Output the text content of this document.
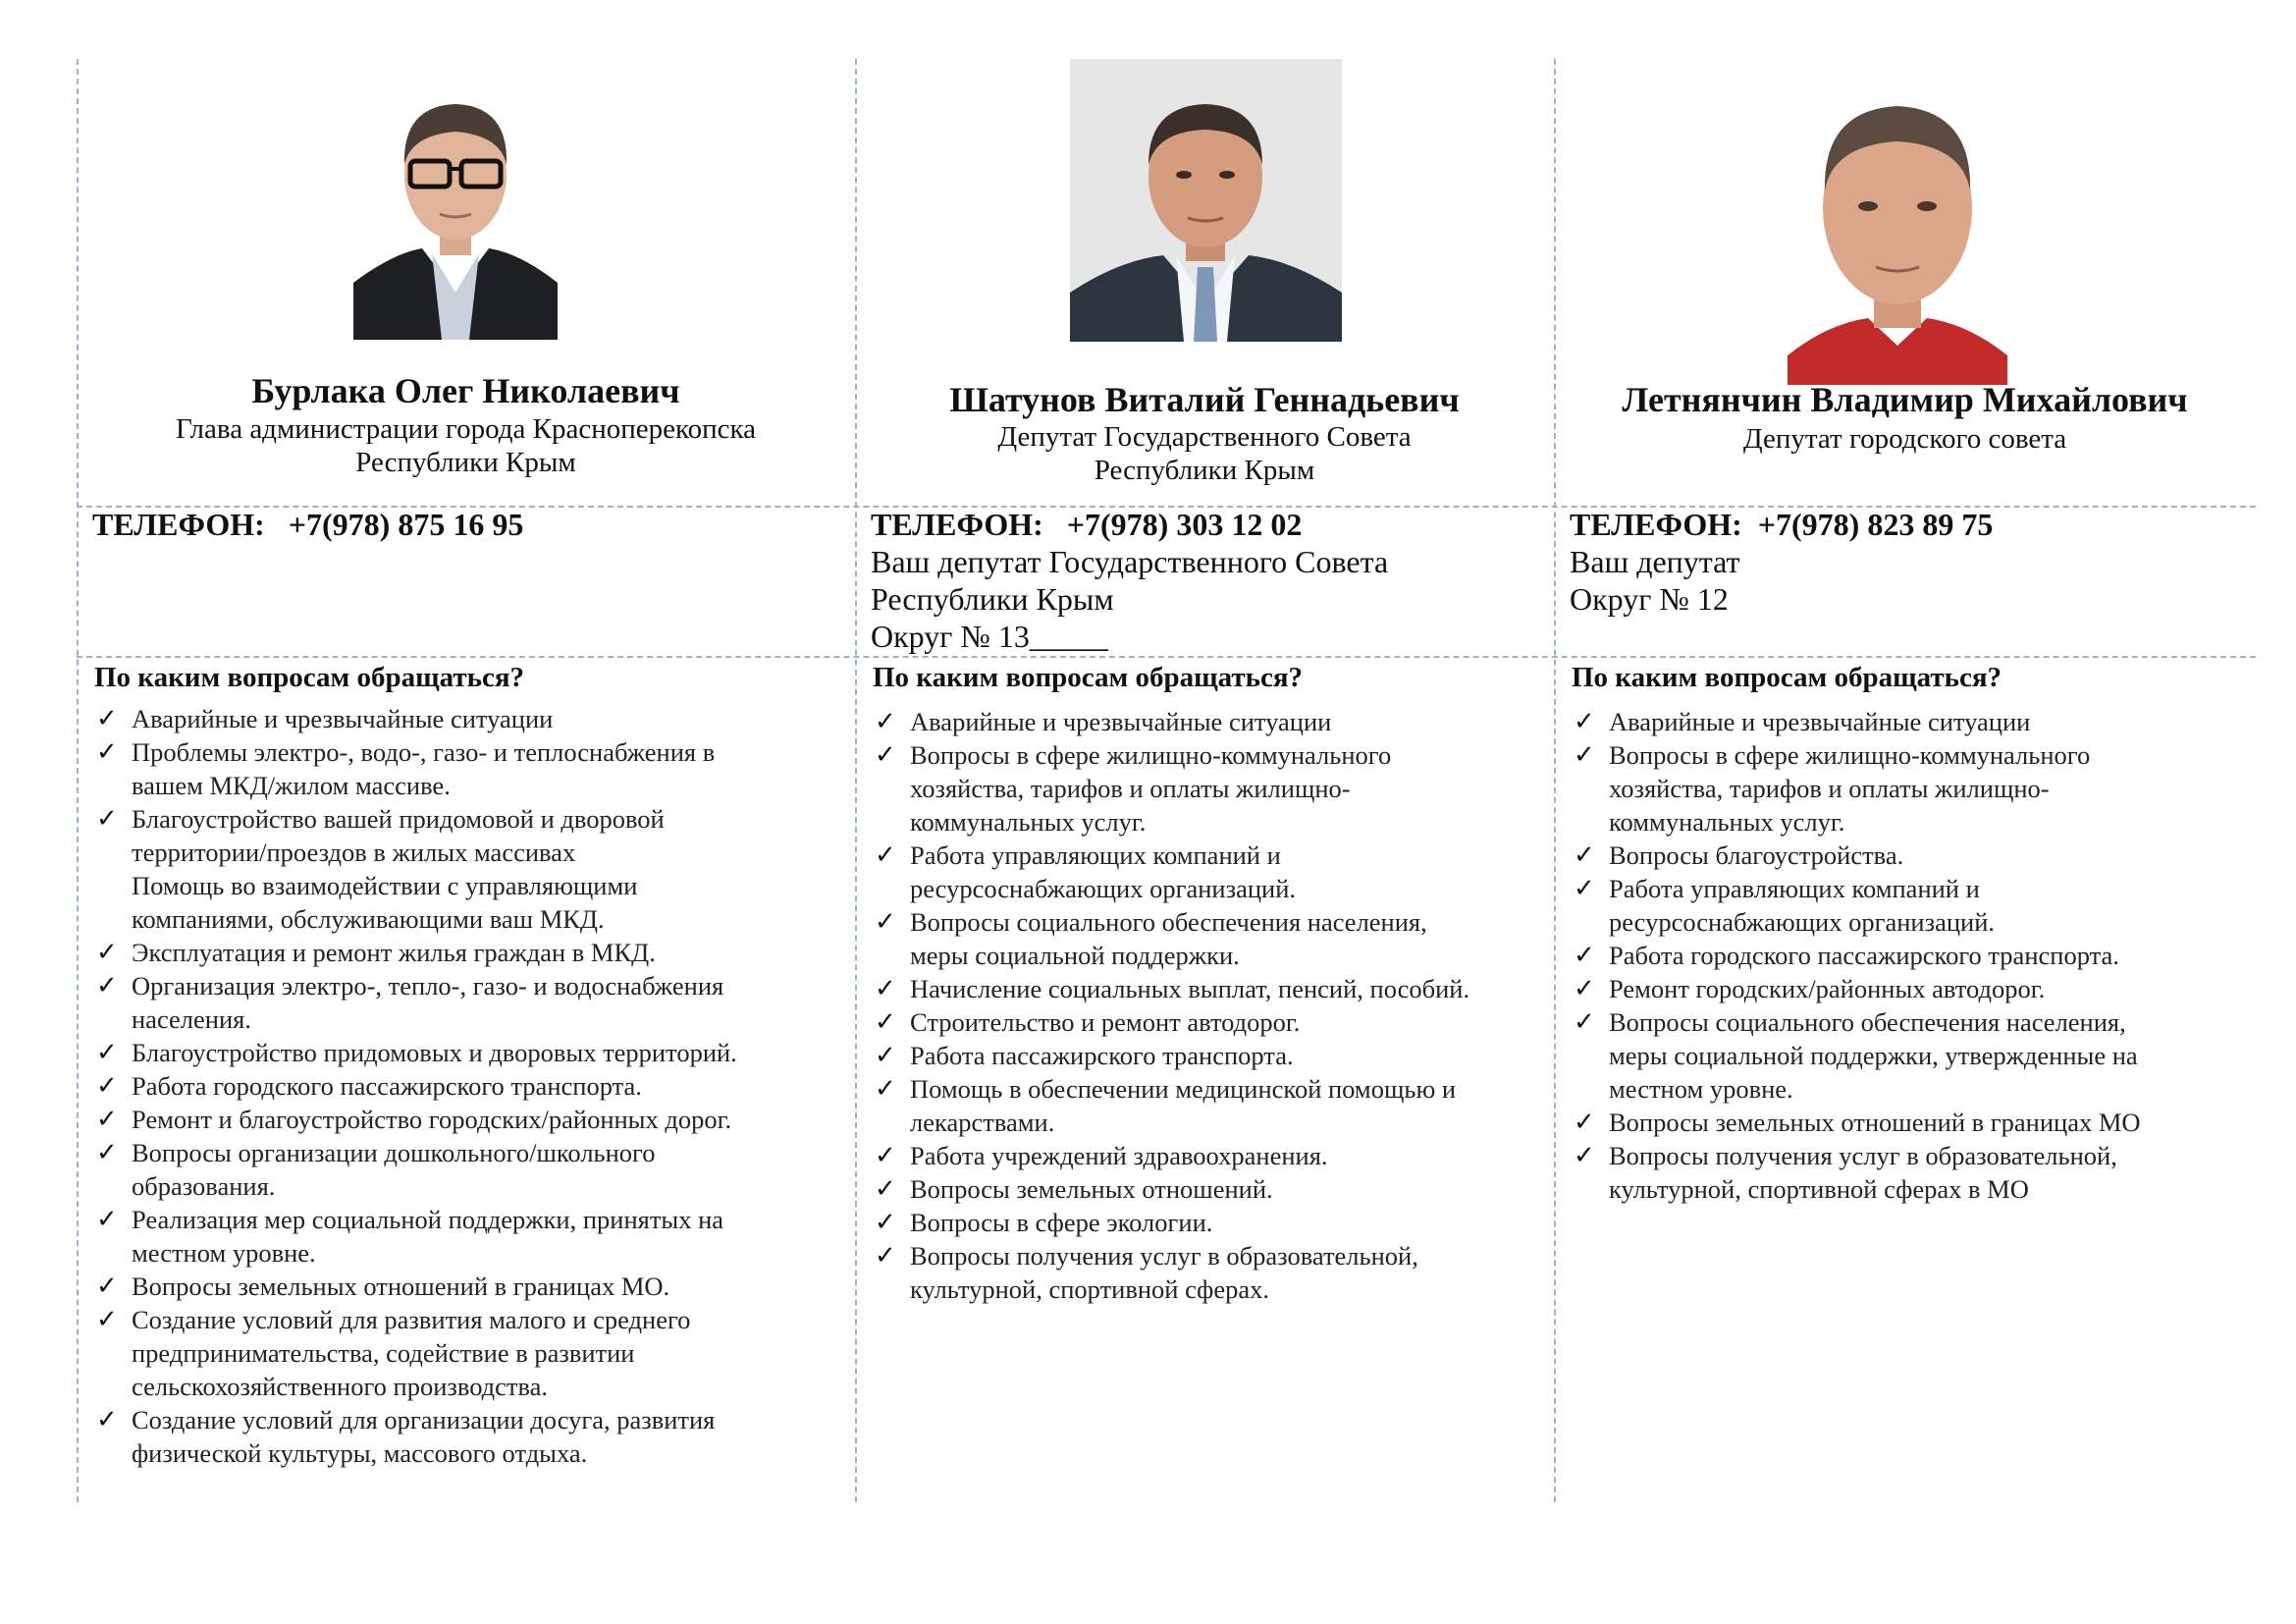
Бурлака Олег Николаевич
Глава администрации города Красноперекопска
Республики Крым
ТЕЛЕФОН:   +7(978) 875 16 95
По каким вопросам обращаться?
✓ Аварийные и чрезвычайные ситуации
✓ Проблемы электро-, водо-, газо- и теплоснабжения в
вашем МКД/жилом массиве.
✓ Благоустройство вашей придомовой и дворовой
территории/проездов в жилых массивах
Помощь во взаимодействии с управляющими
компаниями, обслуживающими ваш МКД.
✓ Эксплуатация и ремонт жилья граждан в МКД.
✓ Организация электро-, тепло-, газо- и водоснабжения
населения.
✓ Благоустройство придомовых и дворовых территорий.
✓ Работа городского пассажирского транспорта.
✓ Ремонт и благоустройство городских/районных дорог.
✓ Вопросы организации дошкольного/школьного
образования.
✓ Реализация мер социальной поддержки, принятых на
местном уровне.
✓ Вопросы земельных отношений в границах МО.
✓ Создание условий для развития малого и среднего
предпринимательства, содействие в развитии
сельскохозяйственного производства.
✓ Создание условий для организации досуга, развития
физической культуры, массового отдыха.
Шатунов Виталий Геннадьевич
Депутат Государственного Совета
Республики Крым
ТЕЛЕФОН:   +7(978) 303 12 02
Ваш депутат Государственного Совета
Республики Крым
Округ № 13_____
По каким вопросам обращаться?
✓ Аварийные и чрезвычайные ситуации
✓ Вопросы в сфере жилищно-коммунального
хозяйства, тарифов и оплаты жилищно-
коммунальных услуг.
✓ Работа управляющих компаний и
ресурсоснабжающих организаций.
✓ Вопросы социального обеспечения населения,
меры социальной поддержки.
✓ Начисление социальных выплат, пенсий, пособий.
✓ Строительство и ремонт автодорог.
✓ Работа пассажирского транспорта.
✓ Помощь в обеспечении медицинской помощью и
лекарствами.
✓ Работа учреждений здравоохранения.
✓ Вопросы земельных отношений.
✓ Вопросы в сфере экологии.
✓ Вопросы получения услуг в образовательной,
культурной, спортивной сферах.
Летнянчин Владимир Михайлович
Депутат городского совета
ТЕЛЕФОН:  +7(978) 823 89 75
Ваш депутат
Округ № 12
По каким вопросам обращаться?
✓ Аварийные и чрезвычайные ситуации
✓ Вопросы в сфере жилищно-коммунального
хозяйства, тарифов и оплаты жилищно-
коммунальных услуг.
✓ Вопросы благоустройства.
✓ Работа управляющих компаний и
ресурсоснабжающих организаций.
✓ Работа городского пассажирского транспорта.
✓ Ремонт городских/районных автодорог.
✓ Вопросы социального обеспечения населения,
меры социальной поддержки, утвержденные на
местном уровне.
✓ Вопросы земельных отношений в границах МО
✓ Вопросы получения услуг в образовательной,
культурной, спортивной сферах в МО
